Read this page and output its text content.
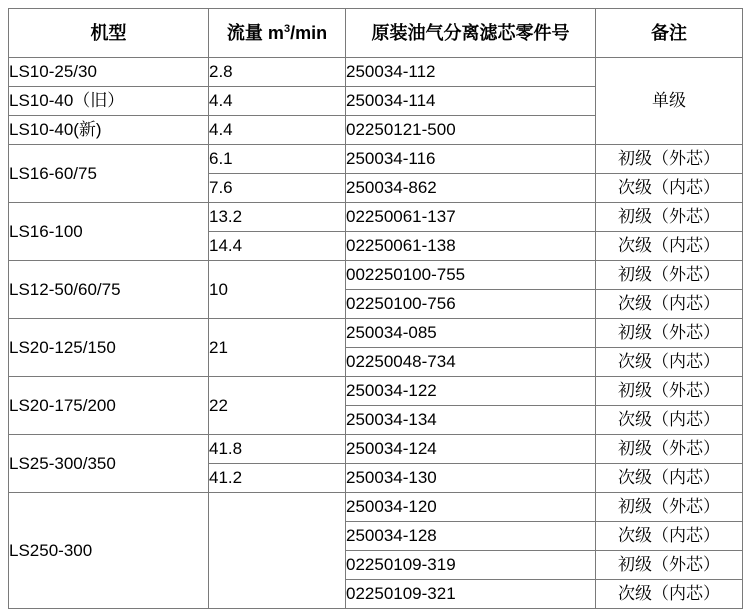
机型	流量 $m^3/\min$	原装油气分离滤芯零件号	备注
LS10-25/30	2.8	250034-112	单级
LS10-40（旧）	4.4	250034-114	
LS10-40(新)	4.4	02250121-500	
LS16-60/75	6.1	250034-116	初级（外芯）
	7.6	250034-862	次级（内芯）
LS16-100	13.2	02250061-137	初级（外芯）
	14.4	02250061-138	次级（内芯）
LS12-50/60/75	10	002250100-755	初级（外芯）
		02250100-756	次级（内芯）
LS20-125/150	21	250034-085	初级（外芯）
		02250048-734	次级（内芯）
LS20-175/200	22	250034-122	初级（外芯）
		250034-134	次级（内芯）
LS25-300/350	41.8	250034-124	初级（外芯）
	41.2	250034-130	次级（内芯）
LS250-300		250034-120	初级（外芯）
		250034-128	次级（内芯）
		02250109-319	初级（外芯）
		02250109-321	次级（内芯）
